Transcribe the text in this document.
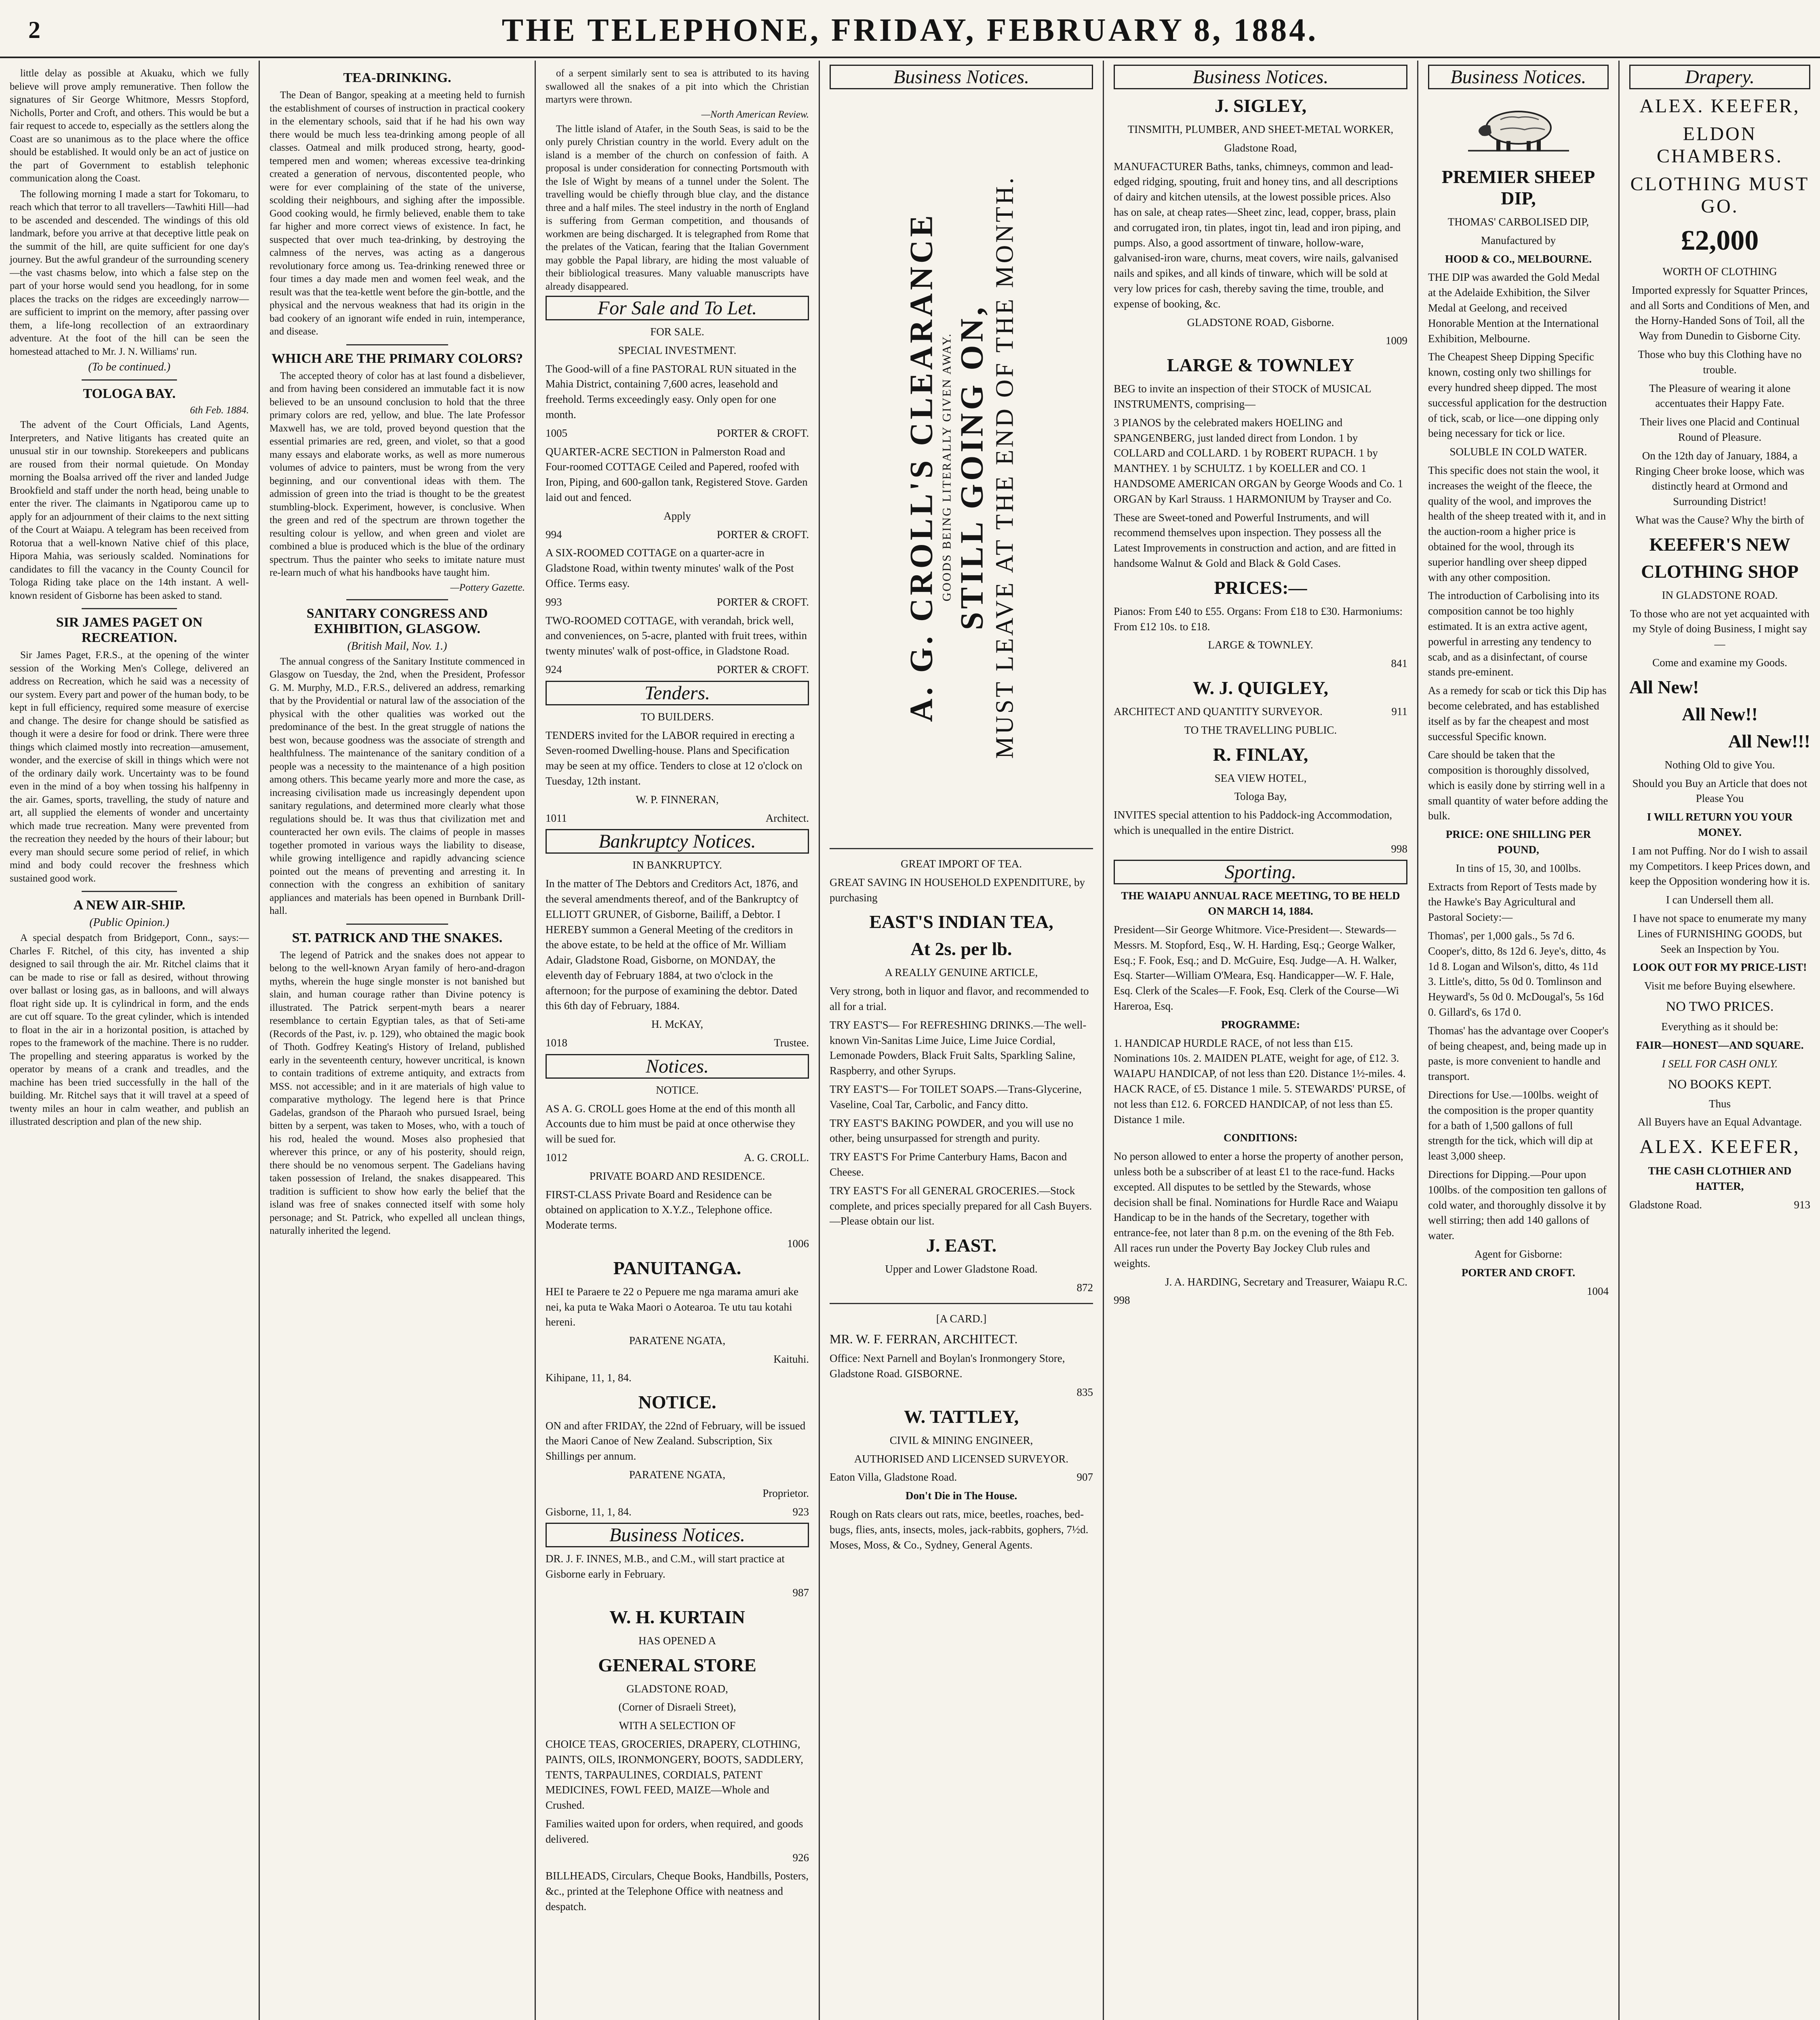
2	THE TELEPHONE, FRIDAY, FEBRUARY 8, 1884.

little delay as possible at Akuaku, which we fully believe will prove amply remunerative. Then follow the signatures of Sir George Whitmore, Messrs Stopford, Nicholls, Porter and Croft, and others. This would be but a fair request to accede to, especially as the settlers along the Coast are so unanimous as to the place where the office should be established. It would only be an act of justice on the part of Government to establish telephonic communication along the Coast.

The following morning I made a start for Tokomaru, to reach which that terror to all travellers—Tawhiti Hill—had to be ascended and descended. The windings of this old landmark, before you arrive at that deceptive little peak on the summit of the hill, are quite sufficient for one day's journey. But the awful grandeur of the surrounding scenery—the vast chasms below, into which a false step on the part of your horse would send you headlong, for in some places the tracks on the ridges are exceedingly narrow—are sufficient to imprint on the memory, after passing over them, a life-long recollection of an extraordinary adventure. At the foot of the hill can be seen the homestead attached to Mr. J. N. Williams' run.

(To be continued.)
TOLOGA BAY.
6th Feb. 1884.

The advent of the Court Officials, Land Agents, Interpreters, and Native litigants has created quite an unusual stir in our township. Storekeepers and publicans are roused from their normal quietude. On Monday morning the Boalsa arrived off the river and landed Judge Brookfield and staff under the north head, being unable to enter the river. The claimants in Ngatiporou came up to apply for an adjournment of their claims to the next sitting of the Court at Waiapu. A telegram has been received from Rotorua that a well-known Native chief of this place, Hipora Mahia, was seriously scalded. Nominations for candidates to fill the vacancy in the County Council for Tologa Riding take place on the 14th instant. A well-known resident of Gisborne has been asked to stand.

SIR JAMES PAGET ON RECREATION.

Sir James Paget, F.R.S., at the opening of the winter session of the Working Men's College, delivered an address on Recreation, which he said was a necessity of our system. Every part and power of the human body, to be kept in full efficiency, required some measure of exercise and change. The desire for change should be satisfied as though it were a desire for food or drink. There were three things which claimed mostly into recreation—amusement, wonder, and the exercise of skill in things which were not of the ordinary daily work. Uncertainty was to be found even in the mind of a boy when tossing his halfpenny in the air. Games, sports, travelling, the study of nature and art, all supplied the elements of wonder and uncertainty which made true recreation. Many were prevented from the recreation they needed by the hours of their labour; but every man should secure some period of relief, in which mind and body could recover the freshness which sustained good work.

A NEW AIR-SHIP.
(Public Opinion.)

A special despatch from Bridgeport, Conn., says:—Charles F. Ritchel, of this city, has invented a ship designed to sail through the air. Mr. Ritchel claims that it can be made to rise or fall as desired, without throwing over ballast or losing gas, as in balloons, and will always float right side up. It is cylindrical in form, and the ends are cut off square. To the great cylinder, which is intended to float in the air in a horizontal position, is attached by ropes to the framework of the machine. There is no rudder. The propelling and steering apparatus is worked by the operator by means of a crank and treadles, and the machine has been tried successfully in the hall of the building. Mr. Ritchel says that it will travel at a speed of twenty miles an hour in calm weather, and publish an illustrated description and plan of the new ship.

TEA-DRINKING.

The Dean of Bangor, speaking at a meeting held to furnish the establishment of courses of instruction in practical cookery in the elementary schools, said that if he had his own way there would be much less tea-drinking among people of all classes. Oatmeal and milk produced strong, hearty, good-tempered men and women; whereas excessive tea-drinking created a generation of nervous, discontented people, who were for ever complaining of the state of the universe, scolding their neighbours, and sighing after the impossible. Good cooking would, he firmly believed, enable them to take far higher and more correct views of existence. In fact, he suspected that over much tea-drinking, by destroying the calmness of the nerves, was acting as a dangerous revolutionary force among us. Tea-drinking renewed three or four times a day made men and women feel weak, and the result was that the tea-kettle went before the gin-bottle, and the physical and the nervous weakness that had its origin in the bad cookery of an ignorant wife ended in ruin, intemperance, and disease.

WHICH ARE THE PRIMARY COLORS?

The accepted theory of color has at last found a disbeliever, and from having been considered an immutable fact it is now believed to be an unsound conclusion to hold that the three primary colors are red, yellow, and blue. The late Professor Maxwell has, we are told, proved beyond question that the essential primaries are red, green, and violet, so that a good many essays and elaborate works, as well as more numerous volumes of advice to painters, must be wrong from the very beginning, and our conventional ideas with them. The admission of green into the triad is thought to be the greatest stumbling-block. Experiment, however, is conclusive. When the green and red of the spectrum are thrown together the resulting colour is yellow, and when green and violet are combined a blue is produced which is the blue of the ordinary spectrum. Thus the painter who seeks to imitate nature must re-learn much of what his handbooks have taught him.

—Pottery Gazette.
SANITARY CONGRESS AND EXHIBITION, GLASGOW.
(British Mail, Nov. 1.)

The annual congress of the Sanitary Institute commenced in Glasgow on Tuesday, the 2nd, when the President, Professor G. M. Murphy, M.D., F.R.S., delivered an address, remarking that by the Providential or natural law of the association of the physical with the other qualities was worked out the predominance of the best. In the great struggle of nations the best won, because goodness was the associate of strength and healthfulness. The maintenance of the sanitary condition of a people was a necessity to the maintenance of a high position among others. This became yearly more and more the case, as increasing civilisation made us increasingly dependent upon sanitary regulations, and determined more clearly what those regulations should be. It was thus that civilization met and counteracted her own evils. The claims of people in masses together promoted in various ways the liability to disease, while growing intelligence and rapidly advancing science pointed out the means of preventing and arresting it. In connection with the congress an exhibition of sanitary appliances and materials has been opened in Burnbank Drill-hall.

ST. PATRICK AND THE SNAKES.

The legend of Patrick and the snakes does not appear to belong to the well-known Aryan family of hero-and-dragon myths, wherein the huge single monster is not banished but slain, and human courage rather than Divine potency is illustrated. The Patrick serpent-myth bears a nearer resemblance to certain Egyptian tales, as that of Seti-ame (Records of the Past, iv. p. 129), who obtained the magic book of Thoth. Godfrey Keating's History of Ireland, published early in the seventeenth century, however uncritical, is known to contain traditions of extreme antiquity, and extracts from MSS. not accessible; and in it are materials of high value to comparative mythology. The legend here is that Prince Gadelas, grandson of the Pharaoh who pursued Israel, being bitten by a serpent, was taken to Moses, who, with a touch of his rod, healed the wound. Moses also prophesied that wherever this prince, or any of his posterity, should reign, there should be no venomous serpent. The Gadelians having taken possession of Ireland, the snakes disappeared. This tradition is sufficient to show how early the belief that the island was free of snakes connected itself with some holy personage; and St. Patrick, who expelled all unclean things, naturally inherited the legend.

of a serpent similarly sent to sea is attributed to its having swallowed all the snakes of a pit into which the Christian martyrs were thrown.

—North American Review.

The little island of Atafer, in the South Seas, is said to be the only purely Christian country in the world. Every adult on the island is a member of the church on confession of faith. A proposal is under consideration for connecting Portsmouth with the Isle of Wight by means of a tunnel under the Solent. The travelling would be chiefly through blue clay, and the distance three and a half miles. The steel industry in the north of England is suffering from German competition, and thousands of workmen are being discharged. It is telegraphed from Rome that the prelates of the Vatican, fearing that the Italian Government may gobble the Papal library, are hiding the most valuable of their bibliological treasures. Many valuable manuscripts have already disappeared.

For Sale and To Let.
FOR SALE.
SPECIAL INVESTMENT.
The Good-will of a fine PASTORAL RUN situated in the Mahia District, containing 7,600 acres, leasehold and freehold. Terms exceedingly easy. Only open for one month.
1005	PORTER & CROFT.
QUARTER-ACRE SECTION in Palmerston Road and Four-roomed COTTAGE Ceiled and Papered, roofed with Iron, Piping, and 600-gallon tank, Registered Stove. Garden laid out and fenced.
Apply
994	PORTER & CROFT.
A SIX-ROOMED COTTAGE on a quarter-acre in Gladstone Road, within twenty minutes' walk of the Post Office. Terms easy.
993	PORTER & CROFT.
TWO-ROOMED COTTAGE, with verandah, brick well, and conveniences, on 5-acre, planted with fruit trees, within twenty minutes' walk of post-office, in Gladstone Road.
924	PORTER & CROFT.
Tenders.
TO BUILDERS.
TENDERS invited for the LABOR required in erecting a Seven-roomed Dwelling-house. Plans and Specification may be seen at my office. Tenders to close at 12 o'clock on Tuesday, 12th instant.
W. P. FINNERAN,
1011	Architect.
Bankruptcy Notices.
IN BANKRUPTCY.
In the matter of The Debtors and Creditors Act, 1876, and the several amendments thereof, and of the Bankruptcy of ELLIOTT GRUNER, of Gisborne, Bailiff, a Debtor. I HEREBY summon a General Meeting of the creditors in the above estate, to be held at the office of Mr. William Adair, Gladstone Road, Gisborne, on MONDAY, the eleventh day of February 1884, at two o'clock in the afternoon; for the purpose of examining the debtor. Dated this 6th day of February, 1884.
H. McKAY,
1018	Trustee.
Notices.
NOTICE.
AS A. G. CROLL goes Home at the end of this month all Accounts due to him must be paid at once otherwise they will be sued for.
1012	A. G. CROLL.
PRIVATE BOARD AND RESIDENCE.
FIRST-CLASS Private Board and Residence can be obtained on application to X.Y.Z., Telephone office. Moderate terms.
1006
PANUITANGA.
HEI te Paraere te 22 o Pepuere me nga marama amuri ake nei, ka puta te Waka Maori o Aotearoa. Te utu tau kotahi hereni.
PARATENE NGATA,
Kaituhi.
Kihipane, 11, 1, 84.
NOTICE.
ON and after FRIDAY, the 22nd of February, will be issued the Maori Canoe of New Zealand. Subscription, Six Shillings per annum.
PARATENE NGATA,
Proprietor.
Gisborne, 11, 1, 84.	923
Business Notices.
DR. J. F. INNES, M.B., and C.M., will start practice at Gisborne early in February.
987
W. H. KURTAIN
HAS OPENED A
GENERAL STORE
GLADSTONE ROAD,
(Corner of Disraeli Street),
WITH A SELECTION OF
CHOICE TEAS, GROCERIES, DRAPERY, CLOTHING, PAINTS, OILS, IRONMONGERY, BOOTS, SADDLERY, TENTS, TARPAULINES, CORDIALS, PATENT MEDICINES, FOWL FEED, MAIZE—Whole and Crushed.
Families waited upon for orders, when required, and goods delivered.
926
BILLHEADS, Circulars, Cheque Books, Handbills, Posters, &c., printed at the Telephone Office with neatness and despatch.
Business Notices.
A. G. CROLL'S CLEARANCE GOODS BEING LITERALLY GIVEN AWAY. STILL GOING ON, MUST LEAVE AT THE END OF THE MONTH.
GREAT IMPORT OF TEA.
GREAT SAVING IN HOUSEHOLD EXPENDITURE, by purchasing
EAST'S INDIAN TEA,
At 2s. per lb.
A REALLY GENUINE ARTICLE,
Very strong, both in liquor and flavor, and recommended to all for a trial.
TRY EAST'S— For REFRESHING DRINKS.—The well-known Vin-Sanitas Lime Juice, Lime Juice Cordial, Lemonade Powders, Black Fruit Salts, Sparkling Saline, Raspberry, and other Syrups.
TRY EAST'S— For TOILET SOAPS.—Trans-Glycerine, Vaseline, Coal Tar, Carbolic, and Fancy ditto.
TRY EAST'S BAKING POWDER, and you will use no other, being unsurpassed for strength and purity.
TRY EAST'S For Prime Canterbury Hams, Bacon and Cheese.
TRY EAST'S For all GENERAL GROCERIES.—Stock complete, and prices specially prepared for all Cash Buyers.—Please obtain our list.
J. EAST.
Upper and Lower Gladstone Road.
872
[A CARD.]
MR. W. F. FERRAN, ARCHITECT.
Office: Next Parnell and Boylan's Ironmongery Store, Gladstone Road. GISBORNE.
835
W. TATTLEY,
CIVIL & MINING ENGINEER,
AUTHORISED AND LICENSED SURVEYOR.
Eaton Villa, Gladstone Road.	907
Don't Die in The House.
Rough on Rats clears out rats, mice, beetles, roaches, bed-bugs, flies, ants, insects, moles, jack-rabbits, gophers, 7½d. Moses, Moss, & Co., Sydney, General Agents.
Business Notices.
J. SIGLEY,
TINSMITH, PLUMBER, AND SHEET-METAL WORKER,
Gladstone Road,
MANUFACTURER Baths, tanks, chimneys, common and lead-edged ridging, spouting, fruit and honey tins, and all descriptions of dairy and kitchen utensils, at the lowest possible prices. Also has on sale, at cheap rates—Sheet zinc, lead, copper, brass, plain and corrugated iron, tin plates, ingot tin, lead and iron piping, and pumps. Also, a good assortment of tinware, hollow-ware, galvanised-iron ware, churns, meat covers, wire nails, galvanised nails and spikes, and all kinds of tinware, which will be sold at very low prices for cash, thereby saving the time, trouble, and expense of booking, &c.
GLADSTONE ROAD, Gisborne.
1009
LARGE & TOWNLEY
BEG to invite an inspection of their STOCK of MUSICAL INSTRUMENTS, comprising—
3 PIANOS by the celebrated makers HOELING and SPANGENBERG, just landed direct from London. 1 by COLLARD and COLLARD. 1 by ROBERT RUPACH. 1 by MANTHEY. 1 by SCHULTZ. 1 by KOELLER and CO. 1 HANDSOME AMERICAN ORGAN by George Woods and Co. 1 ORGAN by Karl Strauss. 1 HARMONIUM by Trayser and Co.
These are Sweet-toned and Powerful Instruments, and will recommend themselves upon inspection. They possess all the Latest Improvements in construction and action, and are fitted in handsome Walnut & Gold and Black & Gold Cases.
PRICES:—
Pianos: From £40 to £55. Organs: From £18 to £30. Harmoniums: From £12 10s. to £18.
LARGE & TOWNLEY.
841
W. J. QUIGLEY,
ARCHITECT AND QUANTITY SURVEYOR.	911
TO THE TRAVELLING PUBLIC.
R. FINLAY,
SEA VIEW HOTEL,
Tologa Bay,
INVITES special attention to his Paddock-ing Accommodation, which is unequalled in the entire District.
998
Sporting.
THE WAIAPU ANNUAL RACE MEETING, TO BE HELD ON MARCH 14, 1884.
President—Sir George Whitmore. Vice-President—. Stewards—Messrs. M. Stopford, Esq., W. H. Harding, Esq.; George Walker, Esq.; F. Fook, Esq.; and D. McGuire, Esq. Judge—A. H. Walker, Esq. Starter—William O'Meara, Esq. Handicapper—W. F. Hale, Esq. Clerk of the Scales—F. Fook, Esq. Clerk of the Course—Wi Hareroa, Esq.
PROGRAMME:
1. HANDICAP HURDLE RACE, of not less than £15. Nominations 10s. 2. MAIDEN PLATE, weight for age, of £12. 3. WAIAPU HANDICAP, of not less than £20. Distance 1½-miles. 4. HACK RACE, of £5. Distance 1 mile. 5. STEWARDS' PURSE, of not less than £12. 6. FORCED HANDICAP, of not less than £5. Distance 1 mile.
CONDITIONS:
No person allowed to enter a horse the property of another person, unless both be a subscriber of at least £1 to the race-fund. Hacks excepted. All disputes to be settled by the Stewards, whose decision shall be final. Nominations for Hurdle Race and Waiapu Handicap to be in the hands of the Secretary, together with entrance-fee, not later than 8 p.m. on the evening of the 8th Feb. All races run under the Poverty Bay Jockey Club rules and weights.
J. A. HARDING, Secretary and Treasurer, Waiapu R.C.
998
Business Notices.
PREMIER SHEEP DIP,
THOMAS' CARBOLISED DIP,
Manufactured by
HOOD & CO., MELBOURNE.
THE DIP was awarded the Gold Medal at the Adelaide Exhibition, the Silver Medal at Geelong, and received Honorable Mention at the International Exhibition, Melbourne.
The Cheapest Sheep Dipping Specific known, costing only two shillings for every hundred sheep dipped. The most successful application for the destruction of tick, scab, or lice—one dipping only being necessary for tick or lice.
SOLUBLE IN COLD WATER.
This specific does not stain the wool, it increases the weight of the fleece, the quality of the wool, and improves the health of the sheep treated with it, and in the auction-room a higher price is obtained for the wool, through its superior handling over sheep dipped with any other composition.
The introduction of Carbolising into its composition cannot be too highly estimated. It is an extra active agent, powerful in arresting any tendency to scab, and as a disinfectant, of course stands pre-eminent.
As a remedy for scab or tick this Dip has become celebrated, and has established itself as by far the cheapest and most successful Specific known.
Care should be taken that the composition is thoroughly dissolved, which is easily done by stirring well in a small quantity of water before adding the bulk.
PRICE: ONE SHILLING PER POUND,
In tins of 15, 30, and 100lbs.
Extracts from Report of Tests made by the Hawke's Bay Agricultural and Pastoral Society:—
Thomas', per 1,000 gals., 5s 7d 6. Cooper's, ditto, 8s 12d 6. Jeye's, ditto, 4s 1d 8. Logan and Wilson's, ditto, 4s 11d 3. Little's, ditto, 5s 0d 0. Tomlinson and Heyward's, 5s 0d 0. McDougal's, 5s 16d 0. Gillard's, 6s 17d 0.
Thomas' has the advantage over Cooper's of being cheapest, and, being made up in paste, is more convenient to handle and transport.
Directions for Use.—100lbs. weight of the composition is the proper quantity for a bath of 1,500 gallons of full strength for the tick, which will dip at least 3,000 sheep.
Directions for Dipping.—Pour upon 100lbs. of the composition ten gallons of cold water, and thoroughly dissolve it by well stirring; then add 140 gallons of water.
Agent for Gisborne:
PORTER AND CROFT.
1004
Drapery.
ALEX. KEEFER,
ELDON CHAMBERS.
CLOTHING MUST GO.
£2,000
WORTH OF CLOTHING
Imported expressly for Squatter Princes, and all Sorts and Conditions of Men, and the Horny-Handed Sons of Toil, all the Way from Dunedin to Gisborne City.
Those who buy this Clothing have no trouble.
The Pleasure of wearing it alone accentuates their Happy Fate.
Their lives one Placid and Continual Round of Pleasure.
On the 12th day of January, 1884, a Ringing Cheer broke loose, which was distinctly heard at Ormond and Surrounding District!
What was the Cause? Why the birth of
KEEFER'S NEW
CLOTHING SHOP
IN GLADSTONE ROAD.
To those who are not yet acquainted with my Style of doing Business, I might say—
Come and examine my Goods.
All New!
All New!!
All New!!!
Nothing Old to give You.
Should you Buy an Article that does not Please You
I WILL RETURN YOU YOUR MONEY.
I am not Puffing. Nor do I wish to assail my Competitors. I keep Prices down, and keep the Opposition wondering how it is.
I can Undersell them all.
I have not space to enumerate my many Lines of FURNISHING GOODS, but Seek an Inspection by You.
LOOK OUT FOR MY PRICE-LIST!
Visit me before Buying elsewhere.
NO TWO PRICES.
Everything as it should be:
FAIR—HONEST—AND SQUARE.
I SELL FOR CASH ONLY.
NO BOOKS KEPT.
Thus
All Buyers have an Equal Advantage.
ALEX. KEEFER,
THE CASH CLOTHIER AND HATTER,
Gladstone Road.	913
